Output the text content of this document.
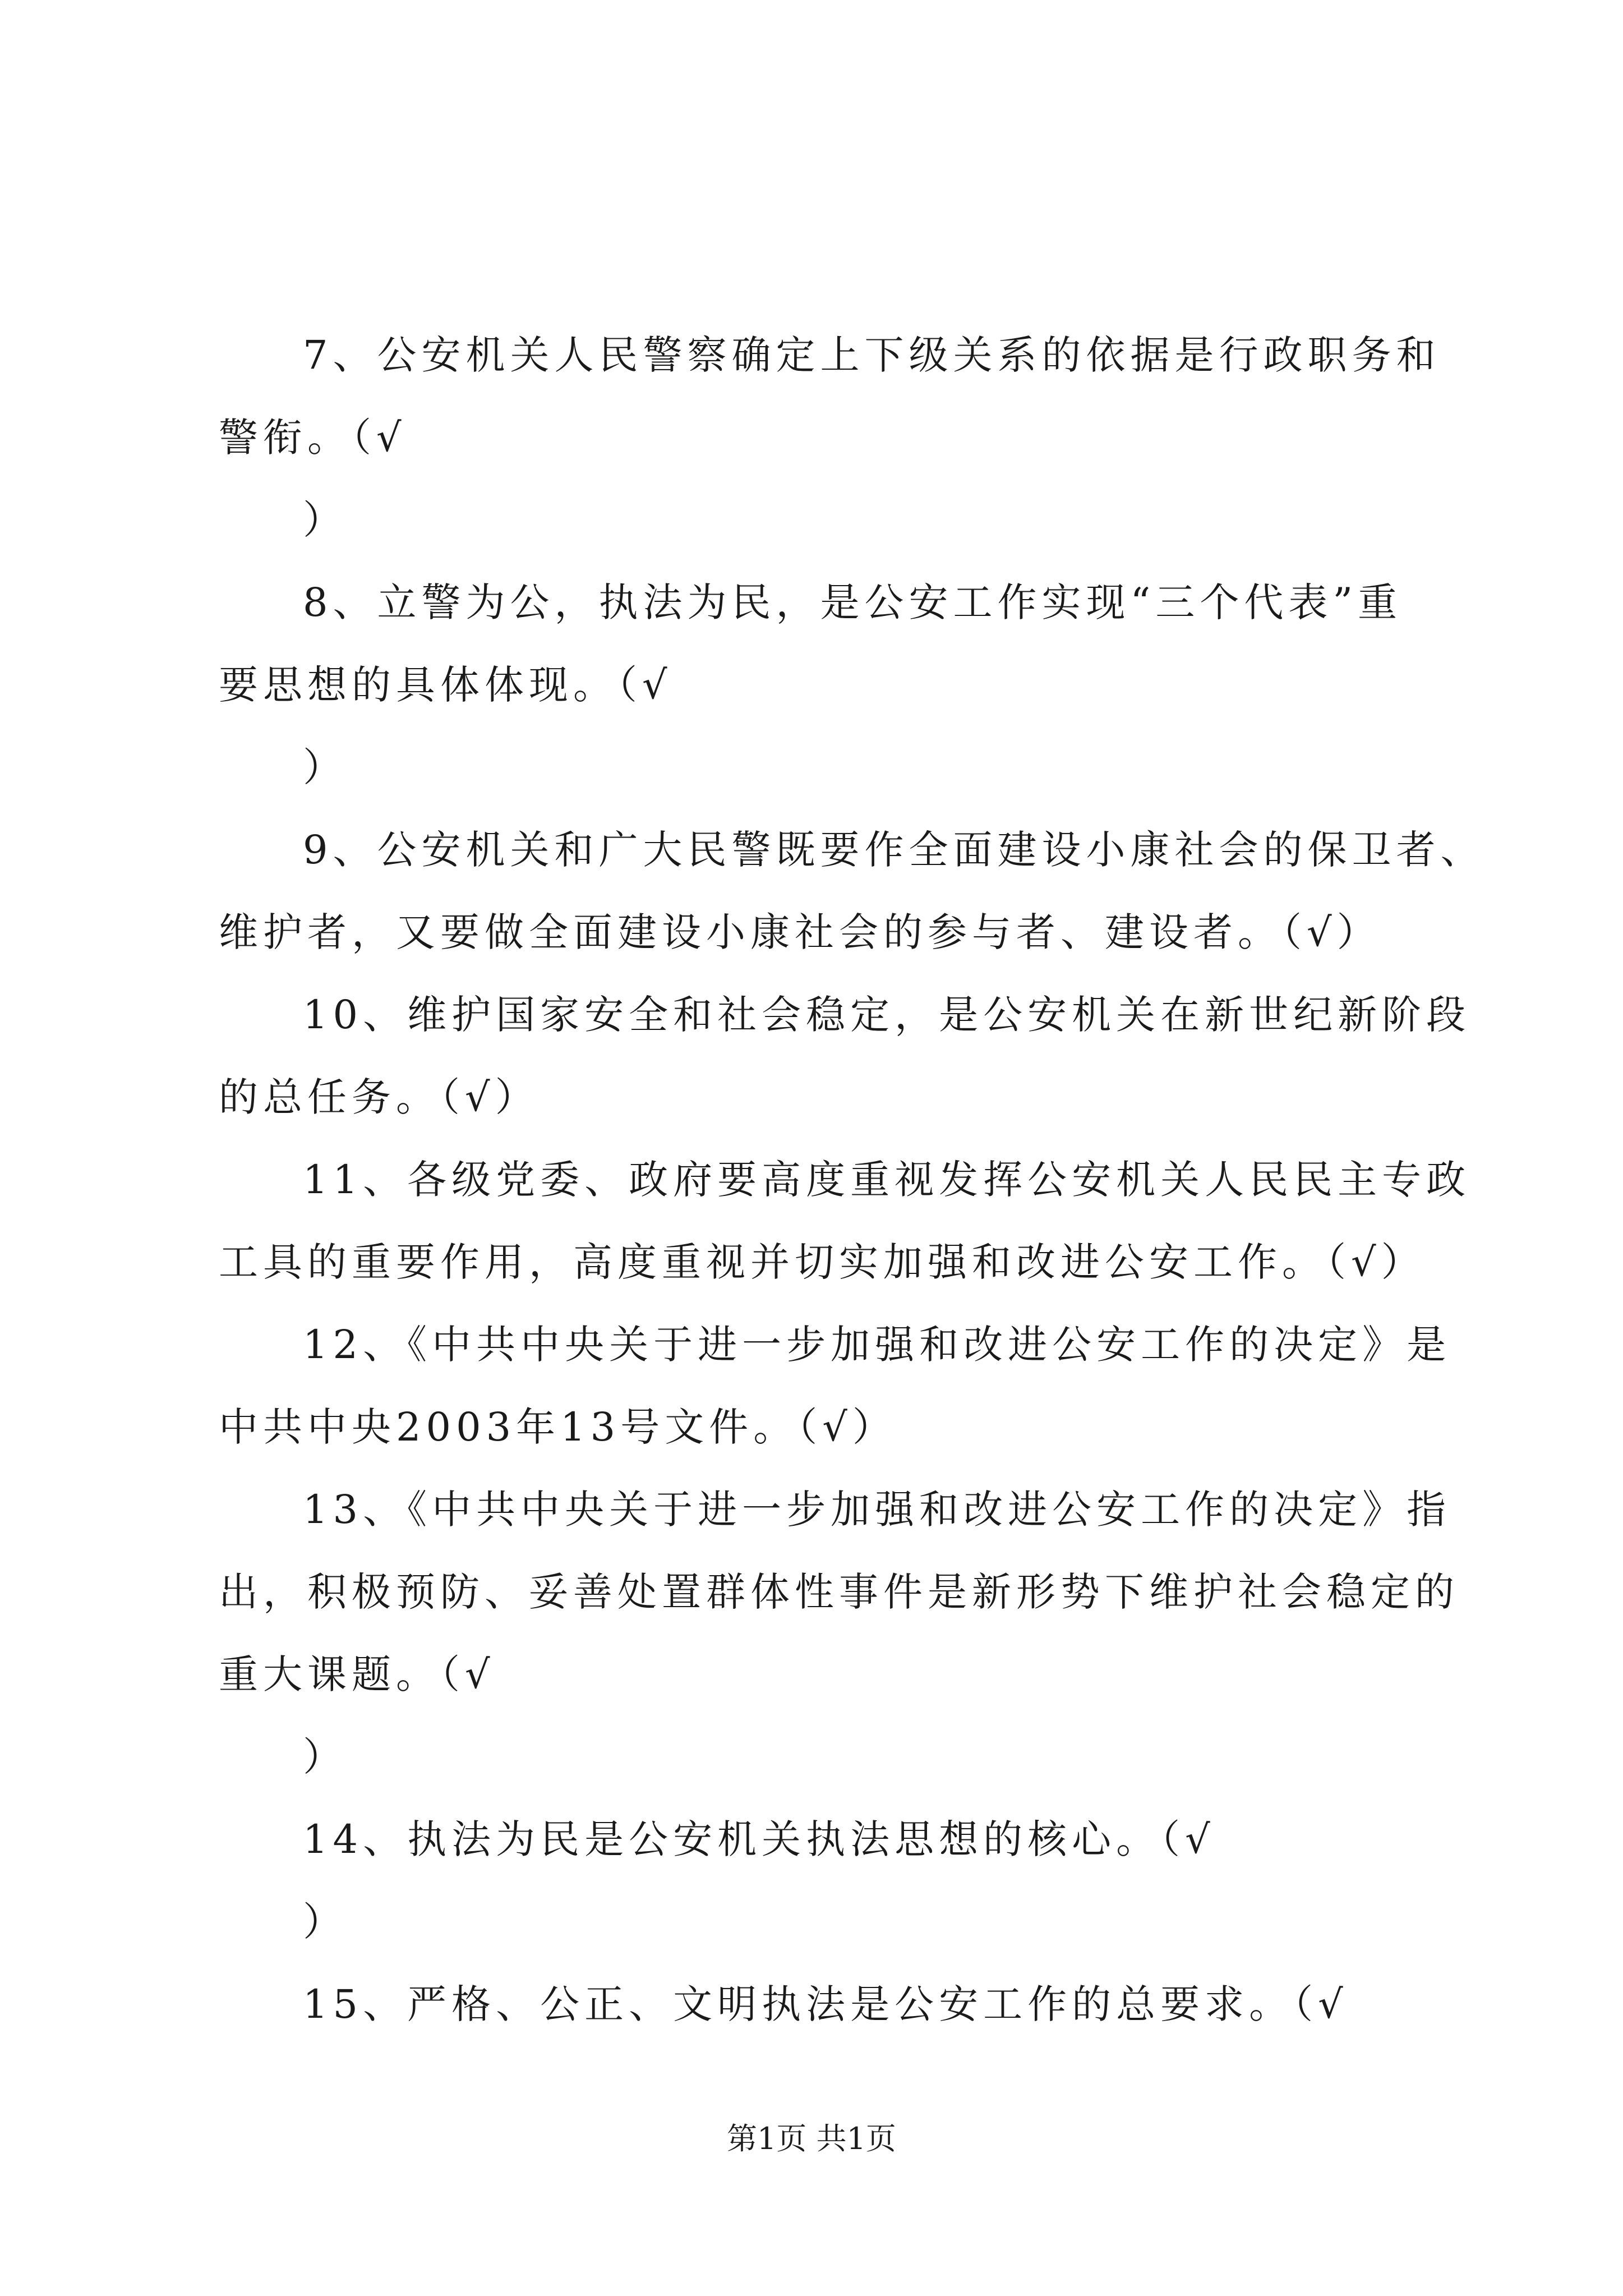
7、公安机关人民警察确定上下级关系的依据是行政职务和
警衔。（√
）
8、立警为公，执法为民，是公安工作实现“三个代表”重
要思想的具体体现。（√
）
9、公安机关和广大民警既要作全面建设小康社会的保卫者、
维护者，又要做全面建设小康社会的参与者、建设者。（√）
10、维护国家安全和社会稳定，是公安机关在新世纪新阶段
的总任务。（√）
11、各级党委、政府要高度重视发挥公安机关人民民主专政
工具的重要作用，高度重视并切实加强和改进公安工作。（√）
12、《中共中央关于进一步加强和改进公安工作的决定》是
中共中央2003年13号文件。（√）
13、《中共中央关于进一步加强和改进公安工作的决定》指
出，积极预防、妥善处置群体性事件是新形势下维护社会稳定的
重大课题。（√
）
14、执法为民是公安机关执法思想的核心。（√
）
15、严格、公正、文明执法是公安工作的总要求。（√
第1页 共1页
